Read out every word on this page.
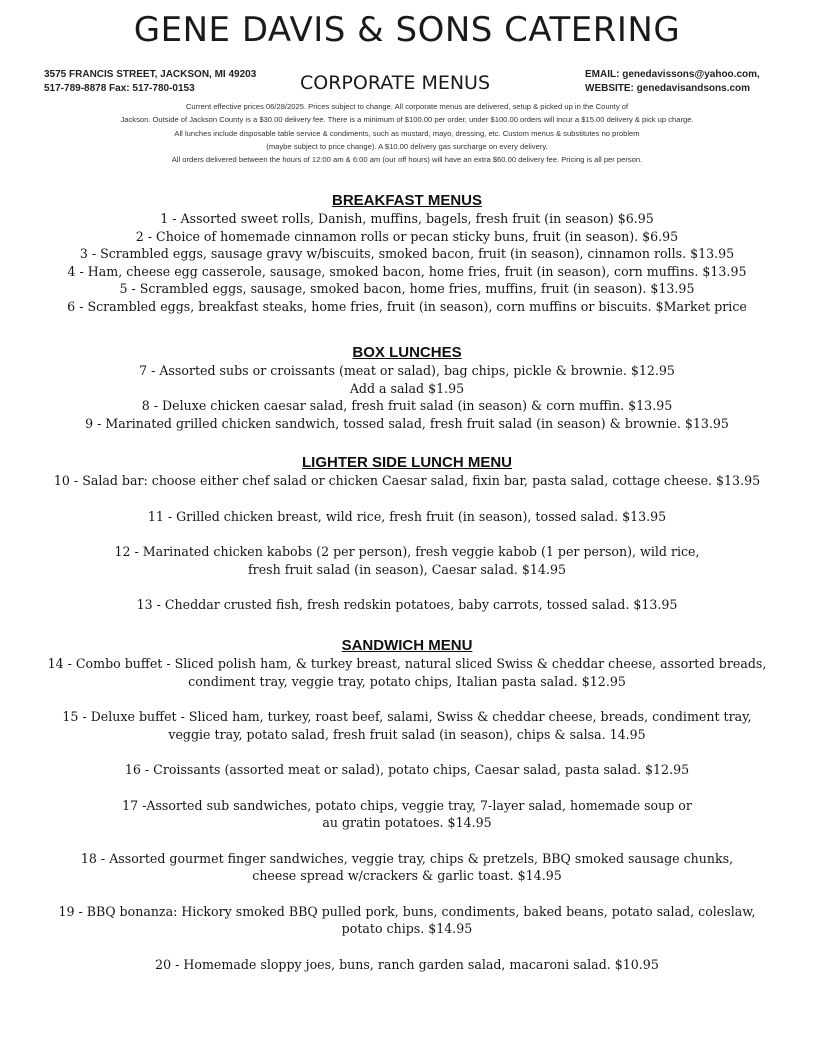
GENE DAVIS & SONS CATERING
3575 FRANCIS STREET, JACKSON, MI 49203
517-789-8878 Fax: 517-780-0153	CORPORATE MENUS	EMAIL: genedavissons@yahoo.com,
WEBSITE: genedavisandsons.com
Current effective prices 06/28/2025. Prices subject to change. All corporate menus are delivered, setup & picked up in the County of
Jackson. Outside of Jackson County is a $30.00 delivery fee. There is a minimum of $100.00 per order, under $100.00 orders will incur a $15.00 delivery & pick up charge.
All lunches include disposable table service & condiments, such as mustard, mayo, dressing, etc. Custom menus & substitutes no problem
(maybe subject to price change). A $10.00 delivery gas surcharge on every delivery.
All orders delivered between the hours of 12:00 am & 6:00 am (our off hours) will have an extra $60.00 delivery fee. Pricing is all per person.
BREAKFAST MENUS
1 - Assorted sweet rolls, Danish, muffins, bagels, fresh fruit (in season) $6.95
2 - Choice of homemade cinnamon rolls or pecan sticky buns, fruit (in season). $6.95
3 - Scrambled eggs, sausage gravy w/biscuits, smoked bacon, fruit (in season), cinnamon rolls. $13.95
4 - Ham, cheese egg casserole, sausage, smoked bacon, home fries, fruit (in season), corn muffins. $13.95
5 - Scrambled eggs, sausage, smoked bacon, home fries, muffins, fruit (in season). $13.95
6 - Scrambled eggs, breakfast steaks, home fries, fruit (in season), corn muffins or biscuits. $Market price
BOX LUNCHES
7 - Assorted subs or croissants (meat or salad), bag chips, pickle & brownie. $12.95
Add a salad $1.95
8 - Deluxe chicken caesar salad, fresh fruit salad (in season) & corn muffin. $13.95
9 - Marinated grilled chicken sandwich, tossed salad, fresh fruit salad (in season) & brownie. $13.95
LIGHTER SIDE LUNCH MENU
10 - Salad bar: choose either chef salad or chicken Caesar salad, fixin bar, pasta salad, cottage cheese. $13.95
11 - Grilled chicken breast, wild rice, fresh fruit (in season), tossed salad. $13.95
12 - Marinated chicken kabobs (2 per person), fresh veggie kabob (1 per person), wild rice,
fresh fruit salad (in season), Caesar salad. $14.95
13 - Cheddar crusted fish, fresh redskin potatoes, baby carrots, tossed salad. $13.95
SANDWICH MENU
14 - Combo buffet - Sliced polish ham, & turkey breast, natural sliced Swiss & cheddar cheese, assorted breads,
condiment tray, veggie tray, potato chips, Italian pasta salad. $12.95
15 - Deluxe buffet - Sliced ham, turkey, roast beef, salami, Swiss & cheddar cheese, breads, condiment tray,
veggie tray, potato salad, fresh fruit salad (in season), chips & salsa. 14.95
16 - Croissants (assorted meat or salad), potato chips, Caesar salad, pasta salad. $12.95
17 -Assorted sub sandwiches, potato chips, veggie tray, 7-layer salad, homemade soup or
au gratin potatoes. $14.95
18 - Assorted gourmet finger sandwiches, veggie tray, chips & pretzels, BBQ smoked sausage chunks,
cheese spread w/crackers & garlic toast. $14.95
19 - BBQ bonanza: Hickory smoked BBQ pulled pork, buns, condiments, baked beans, potato salad, coleslaw,
potato chips. $14.95
20 - Homemade sloppy joes, buns, ranch garden salad, macaroni salad. $10.95
